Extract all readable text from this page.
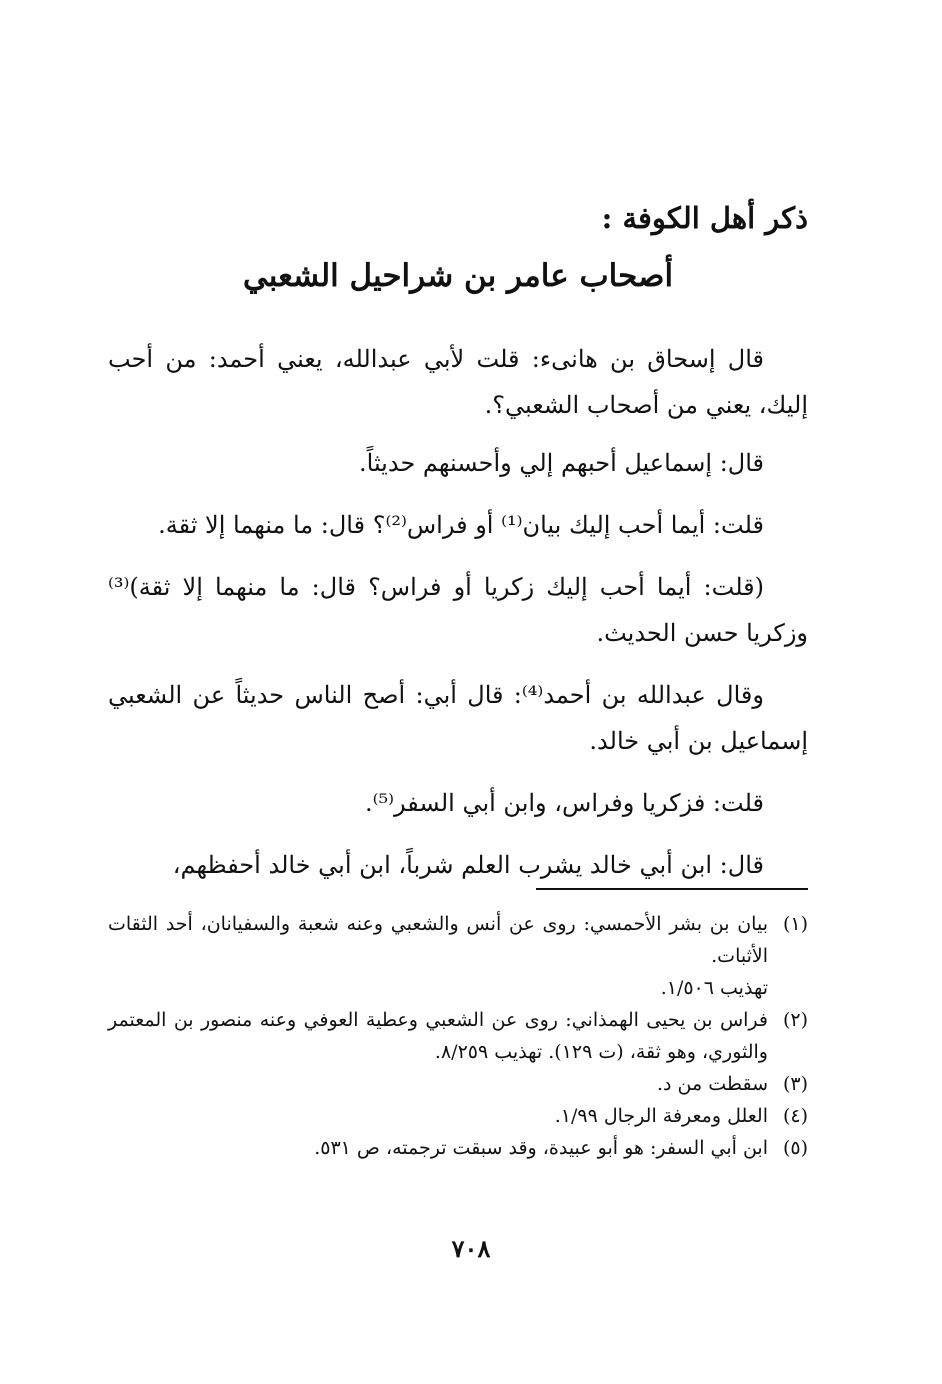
ذكر أهل الكوفة :
أصحاب عامر بن شراحيل الشعبي

قال إسحاق بن هانىء: قلت لأبي عبدالله، يعني أحمد: من أحب إليك، يعني من أصحاب الشعبي؟.

قال: إسماعيل أحبهم إلي وأحسنهم حديثاً.

قلت: أيما أحب إليك بيان⁽¹⁾ أو فراس⁽²⁾؟ قال: ما منهما إلا ثقة.

(قلت: أيما أحب إليك زكريا أو فراس؟ قال: ما منهما إلا ثقة)⁽³⁾ وزكريا حسن الحديث.

وقال عبدالله بن أحمد⁽⁴⁾: قال أبي: أصح الناس حديثاً عن الشعبي إسماعيل بن أبي خالد.

قلت: فزكريا وفراس، وابن أبي السفر⁽⁵⁾.

قال: ابن أبي خالد يشرب العلم شرباً، ابن أبي خالد أحفظهم،

(١)
بيان بن بشر الأحمسي: روى عن أنس والشعبي وعنه شعبة والسفيانان، أحد الثقات الأثبات.
تهذيب ١/٥٠٦.
(٢)
فراس بن يحيى الهمذاني: روى عن الشعبي وعطية العوفي وعنه منصور بن المعتمر والثوري، وهو ثقة، (ت ١٢٩). تهذيب ٨/٢٥٩.
(٣)
سقطت من د.
(٤)
العلل ومعرفة الرجال ١/٩٩.
(٥)
ابن أبي السفر: هو أبو عبيدة، وقد سبقت ترجمته، ص ٥٣١.
٧٠٨
